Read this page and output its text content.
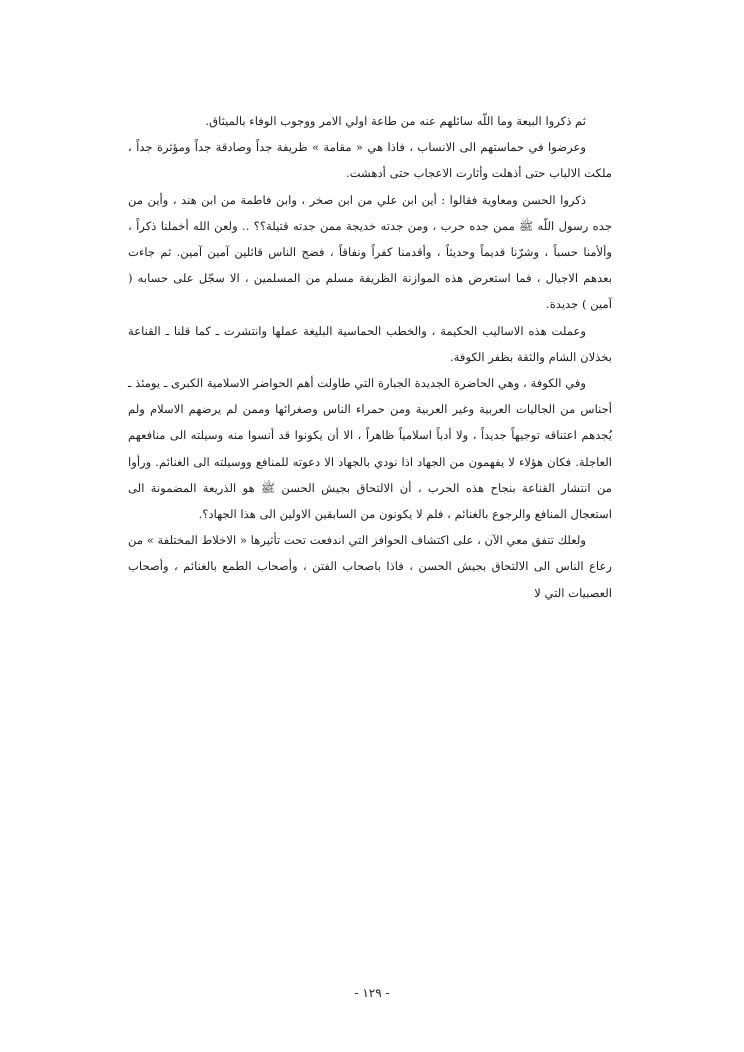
ثم ذكروا البيعة وما اللّه سائلهم عنه من طاعة اولي الامر ووجوب الوفاء بالميثاق.

وعرضوا في حماستهم الى الانساب ، فاذا هي « مقامة » ظريفة جداً وصادقة جداً ومؤثرة جداً ، ملكت الالباب حتى أذهلت وأثارت الاعجاب حتى أدهشت.

ذكروا الحسن ومعاوية فقالوا : أين ابن علي من ابن صخر ، وابن فاطمة من ابن هند ، وأين من جده رسول اللّه ﷺ ممن جده حرب ، ومن جدته خديجة ممن جدته قتيلة؟؟ .. ولعن الله أخملنا ذكراً ، وألأمنا حسباً ، وشرّنا قديماً وحديثاً ، وأقدمنا كفراً ونفاقاً ، فضج الناس قائلين آمين آمين. ثم جاءت بعدهم الاجيال ، فما استعرض هذه الموازنة الظريفة مسلم من المسلمين ، الا سجّل على حسابه ( آمين ) جديدة.

وعملت هذه الاساليب الحكيمة ، والخطب الحماسية البليغة عملها وانتشرت ـ كما قلنا ـ القناعة بخذلان الشام والثقة بظفر الكوفة.

وفي الكوفة ، وهي الحاضرة الجديدة الجبارة التي طاولت أهم الحواضر الاسلامية الكبرى ـ يومئذ ـ أجناس من الجاليات العربية وغير العربية ومن حمراء الناس وصغرائها وممن لم يرضهم الاسلام ولم يُجدهم اعتناقه توجيهاً جديداً ، ولا أدباً اسلامياً ظاهراً ، الا أن يكونوا قد أنسوا منه وسيلته الى منافعهم العاجلة. فكان هؤلاء لا يفهمون من الجهاد اذا نودي بالجهاد الا دعوته للمنافع ووسيلته الى الغنائم. ورأوا من انتشار القناعة بنجاح هذه الحرب ، أن الالتحاق بجيش الحسن ﷺ هو الذريعة المضمونة الى استعجال المنافع والرجوع بالغنائم ، فلم لا يكونون من السابقين الاولين الى هذا الجهاد؟.

ولعلك تتفق معي الآن ، على اكتشاف الحوافز التي اندفعت تحت تأثيرها « الاخلاط المختلفة » من رعاع الناس الى الالتحاق بجيش الحسن ، فاذا باصحاب الفتن ، وأصحاب الطمع بالغنائم ، وأصحاب العصبيات التي لا

- ١٢٩ -
